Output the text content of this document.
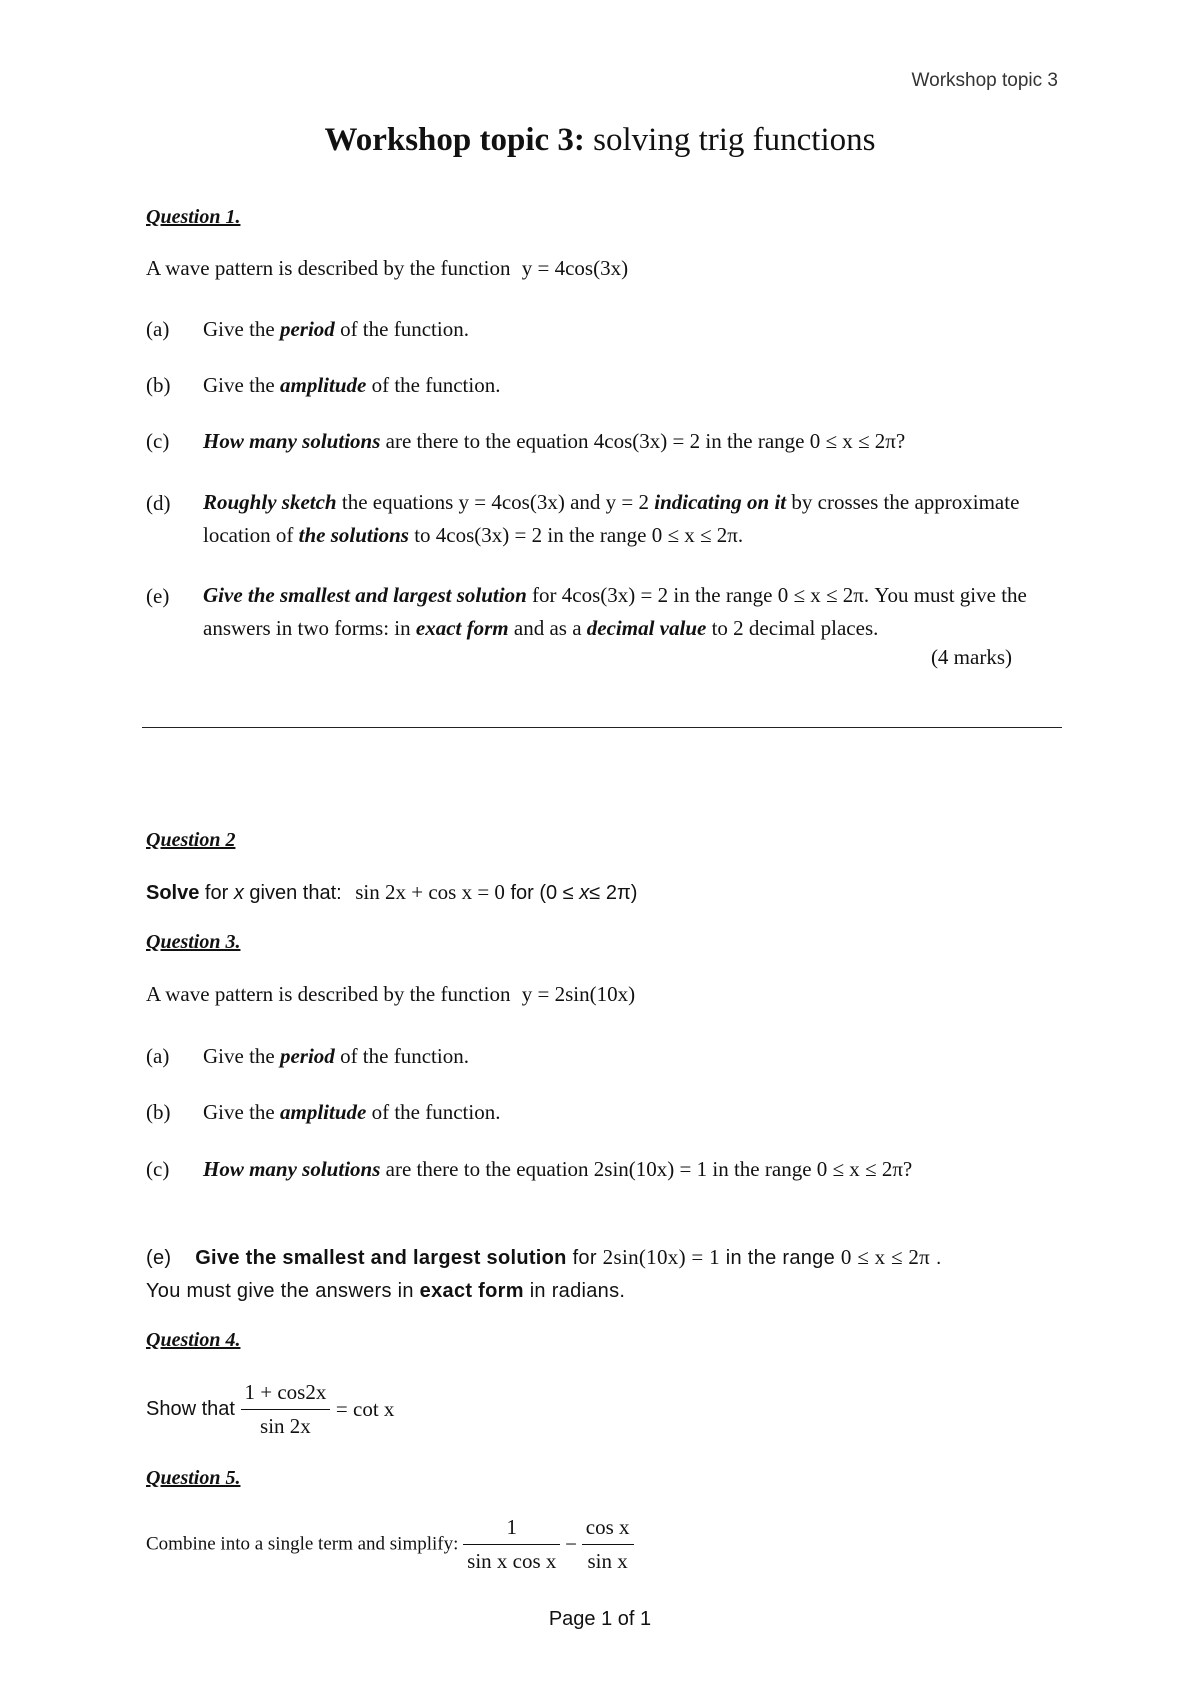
Workshop topic 3
Workshop topic 3: solving trig functions
Question 1.
A wave pattern is described by the function y = 4cos(3x)
(a) Give the period of the function.
(b) Give the amplitude of the function.
(c) How many solutions are there to the equation 4cos(3x) = 2 in the range 0 ≤ x ≤ 2π?
(d) Roughly sketch the equations y = 4cos(3x) and y = 2 indicating on it by crosses the approximate location of the solutions to 4cos(3x) = 2 in the range 0 ≤ x ≤ 2π.
(e) Give the smallest and largest solution for 4cos(3x) = 2 in the range 0 ≤ x ≤ 2π. You must give the answers in two forms: in exact form and as a decimal value to 2 decimal places.
(4 marks)
Question 2
Solve for x given that: sin 2x + cos x = 0 for (0 ≤ x≤ 2π)
Question 3.
A wave pattern is described by the function y = 2sin(10x)
(a) Give the period of the function.
(b) Give the amplitude of the function.
(c) How many solutions are there to the equation 2sin(10x) = 1 in the range 0 ≤ x ≤ 2π?
(e) Give the smallest and largest solution for 2sin(10x) = 1 in the range 0 ≤ x ≤ 2π .
You must give the answers in exact form in radians.
Question 4.
Show that $\frac{1 + \cos 2x}{\sin 2x} = \cot x$
Question 5.
Combine into a single term and simplify: $\frac{1}{\text{sin x cos x}} - \frac{\text{cos x}}{\text{sin x}}$
Page 1 of 1
